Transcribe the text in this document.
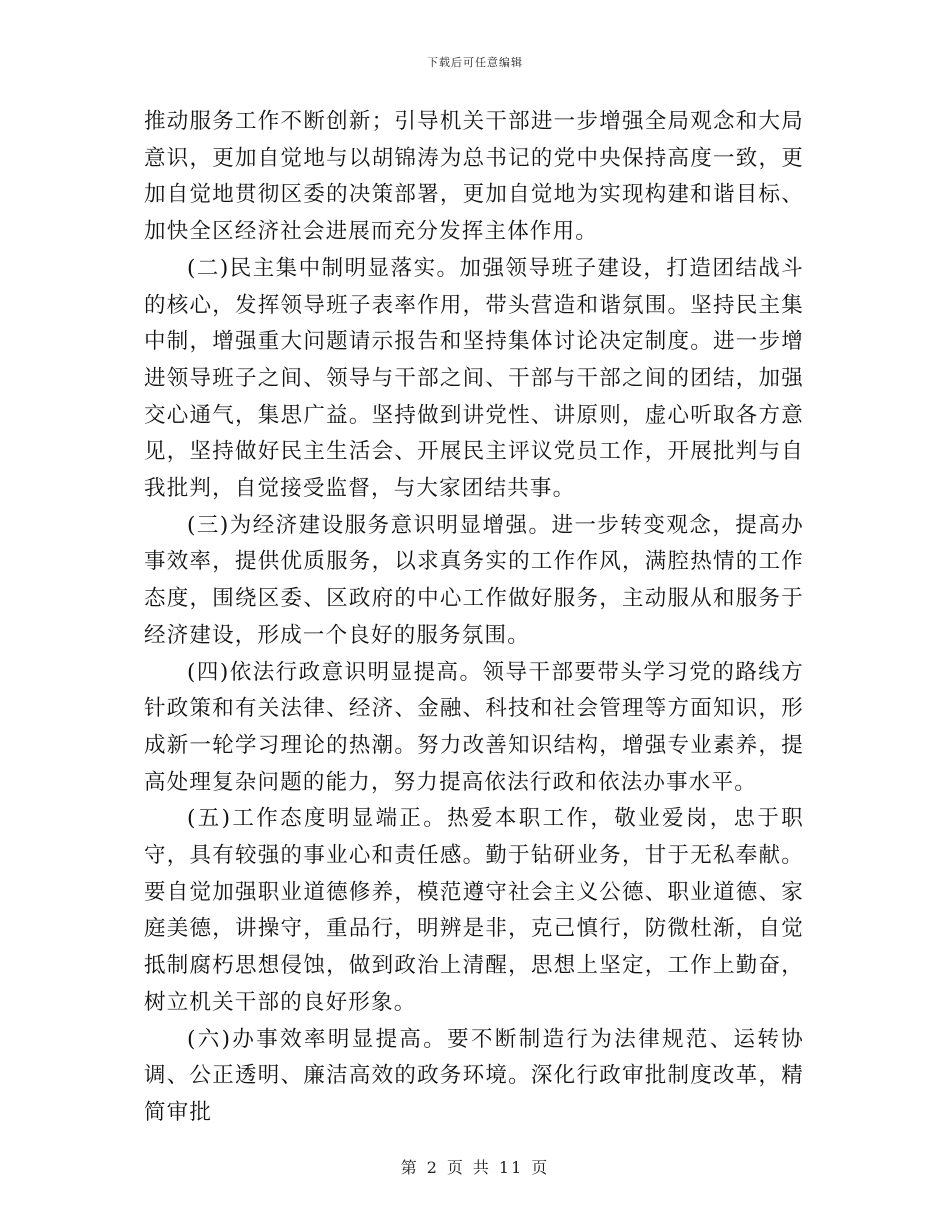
下载后可任意编辑

推动服务工作不断创新；引导机关干部进一步增强全局观念和大局意识，更加自觉地与以胡锦涛为总书记的党中央保持高度一致，更加自觉地贯彻区委的决策部署，更加自觉地为实现构建和谐目标、加快全区经济社会进展而充分发挥主体作用。

(二)民主集中制明显落实。加强领导班子建设，打造团结战斗的核心，发挥领导班子表率作用，带头营造和谐氛围。坚持民主集中制，增强重大问题请示报告和坚持集体讨论决定制度。进一步增进领导班子之间、领导与干部之间、干部与干部之间的团结，加强交心通气，集思广益。坚持做到讲党性、讲原则，虚心听取各方意见，坚持做好民主生活会、开展民主评议党员工作，开展批判与自我批判，自觉接受监督，与大家团结共事。

(三)为经济建设服务意识明显增强。进一步转变观念，提高办事效率，提供优质服务，以求真务实的工作作风，满腔热情的工作态度，围绕区委、区政府的中心工作做好服务，主动服从和服务于经济建设，形成一个良好的服务氛围。

(四)依法行政意识明显提高。领导干部要带头学习党的路线方针政策和有关法律、经济、金融、科技和社会管理等方面知识，形成新一轮学习理论的热潮。努力改善知识结构，增强专业素养，提高处理复杂问题的能力，努力提高依法行政和依法办事水平。

(五)工作态度明显端正。热爱本职工作，敬业爱岗，忠于职守，具有较强的事业心和责任感。勤于钻研业务，甘于无私奉献。要自觉加强职业道德修养，模范遵守社会主义公德、职业道德、家庭美德，讲操守，重品行，明辨是非，克己慎行，防微杜渐，自觉抵制腐朽思想侵蚀，做到政治上清醒，思想上坚定，工作上勤奋，树立机关干部的良好形象。

(六)办事效率明显提高。要不断制造行为法律规范、运转协调、公正透明、廉洁高效的政务环境。深化行政审批制度改革，精简审批

第 2 页 共 11 页
